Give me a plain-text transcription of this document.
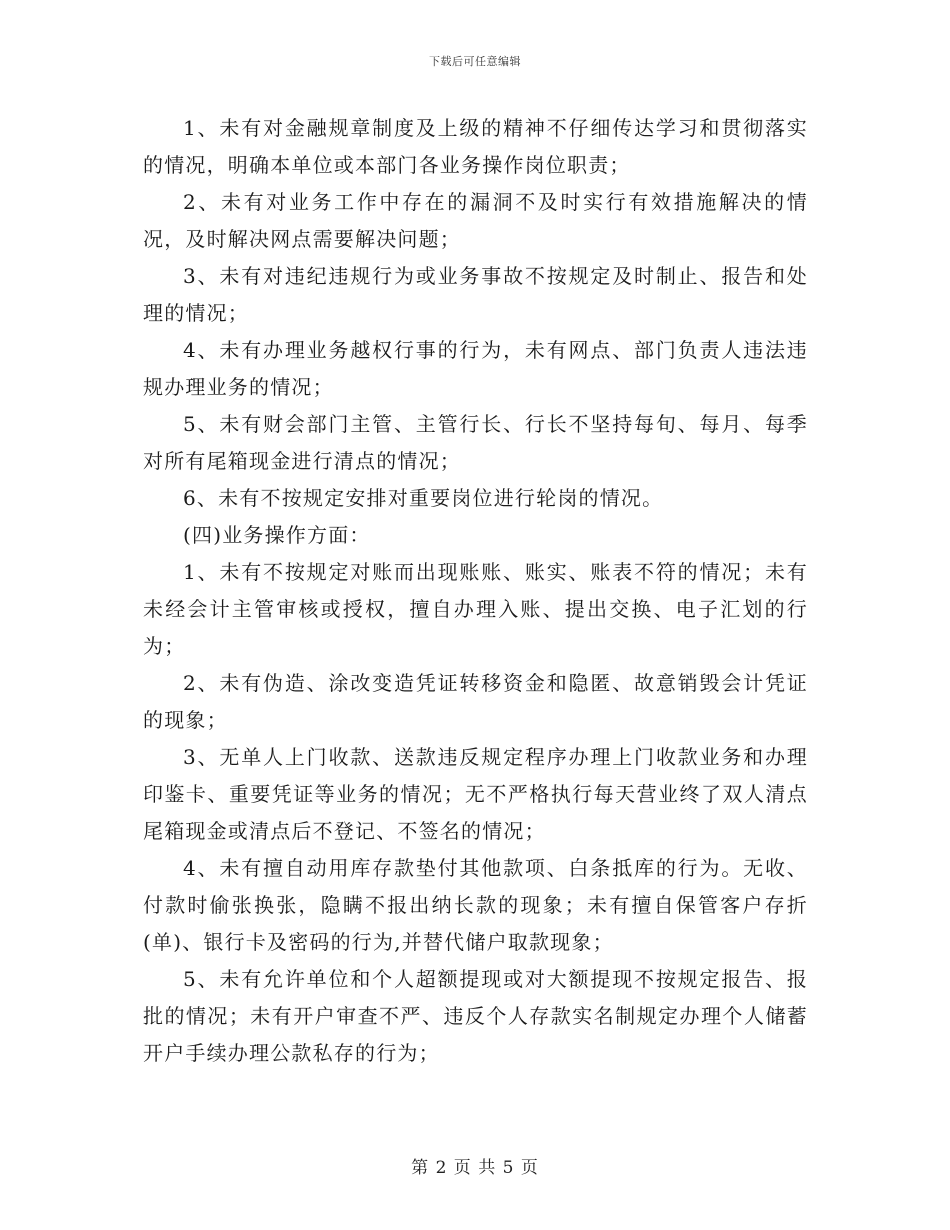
下载后可任意编辑

1、未有对金融规章制度及上级的精神不仔细传达学习和贯彻落实的情况，明确本单位或本部门各业务操作岗位职责；

2、未有对业务工作中存在的漏洞不及时实行有效措施解决的情况，及时解决网点需要解决问题；

3、未有对违纪违规行为或业务事故不按规定及时制止、报告和处理的情况；

4、未有办理业务越权行事的行为，未有网点、部门负责人违法违规办理业务的情况；

5、未有财会部门主管、主管行长、行长不坚持每旬、每月、每季对所有尾箱现金进行清点的情况；

6、未有不按规定安排对重要岗位进行轮岗的情况。

(四)业务操作方面：

1、未有不按规定对账而出现账账、账实、账表不符的情况；未有未经会计主管审核或授权，擅自办理入账、提出交换、电子汇划的行为；

2、未有伪造、涂改变造凭证转移资金和隐匿、故意销毁会计凭证的现象；

3、无单人上门收款、送款违反规定程序办理上门收款业务和办理印鉴卡、重要凭证等业务的情况；无不严格执行每天营业终了双人清点尾箱现金或清点后不登记、不签名的情况；

4、未有擅自动用库存款垫付其他款项、白条抵库的行为。无收、付款时偷张换张，隐瞒不报出纳长款的现象；未有擅自保管客户存折(单)、银行卡及密码的行为,并替代储户取款现象；

5、未有允许单位和个人超额提现或对大额提现不按规定报告、报批的情况；未有开户审查不严、违反个人存款实名制规定办理个人储蓄开户手续办理公款私存的行为；

第 2 页 共 5 页
